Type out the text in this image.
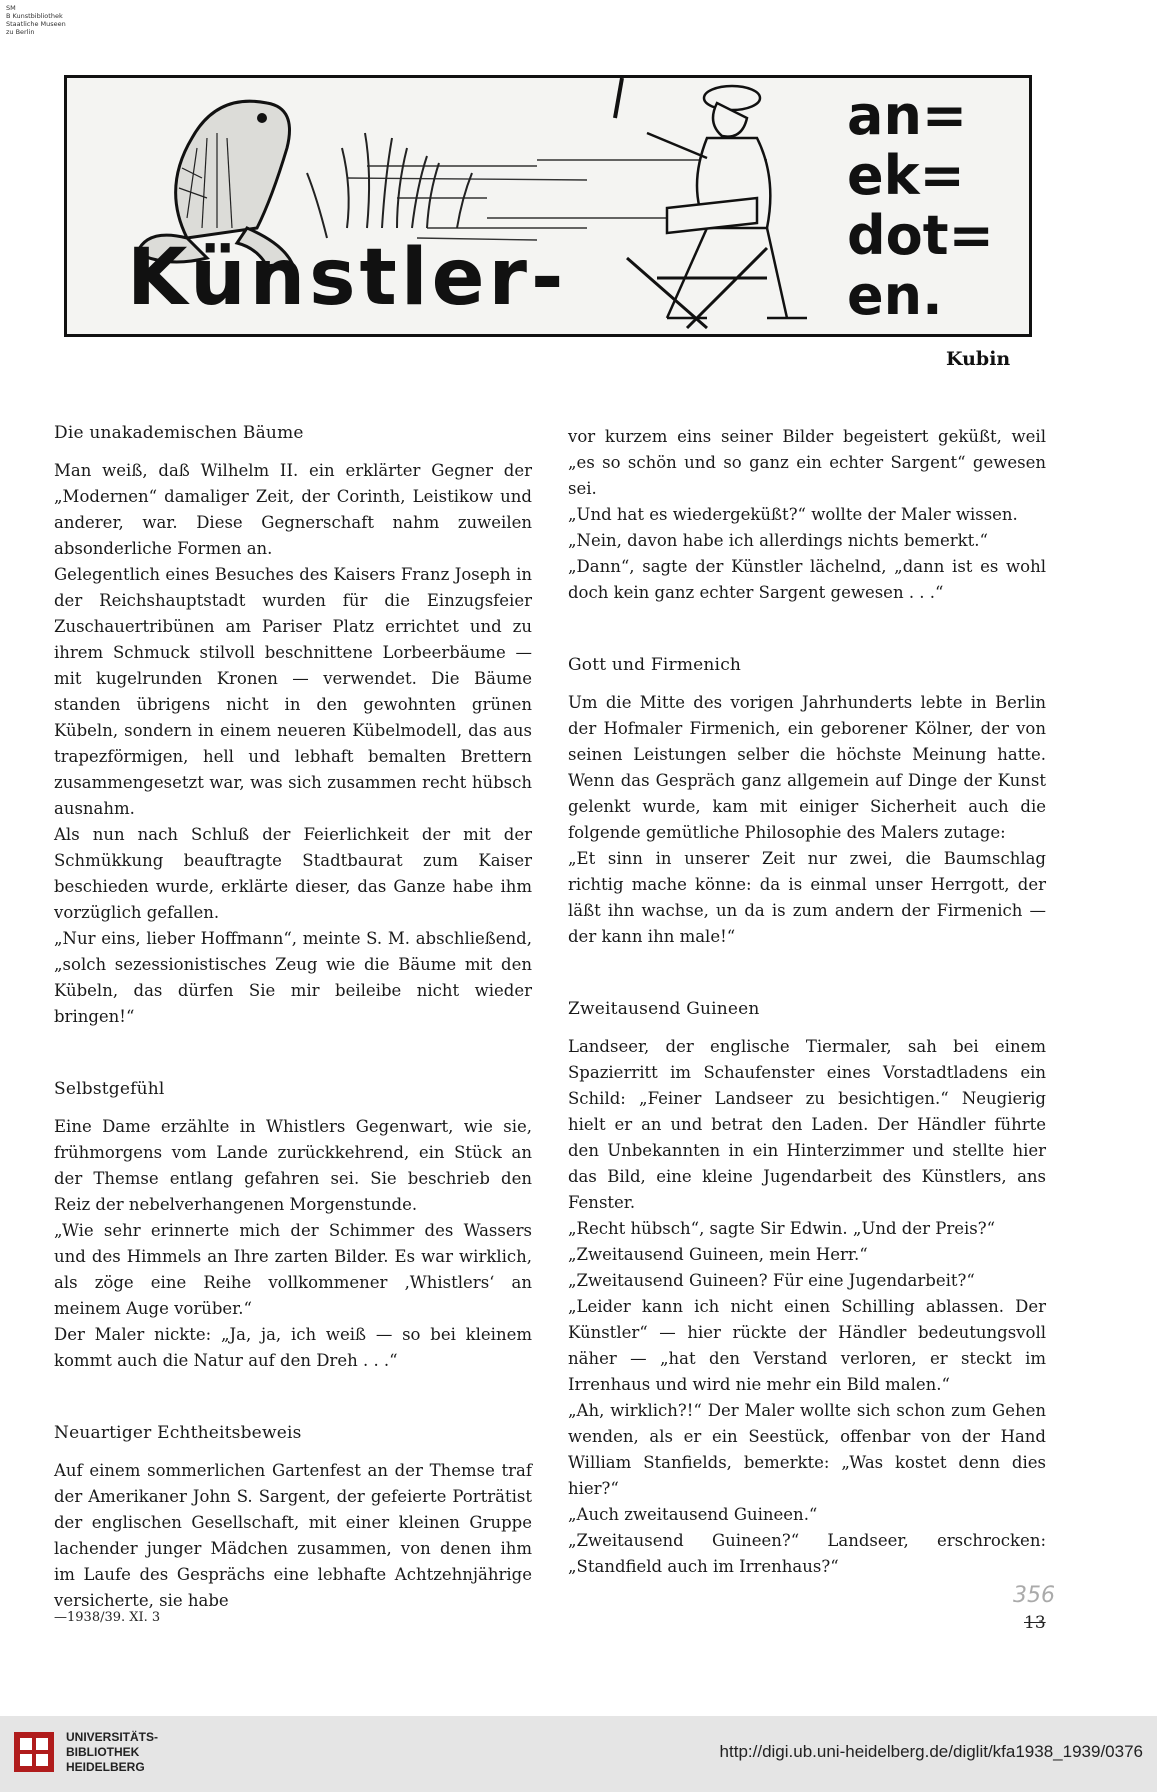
SM
B Kunstbibliothek
Staatliche Museen
zu Berlin
Künstler-
an=
ek=
dot=
en.
Kubin
Die unakademischen Bäume

Man weiß, daß Wilhelm II. ein erklärter Gegner der „Modernen“ damaliger Zeit, der Corinth, Leistikow und anderer, war. Diese Gegnerschaft nahm zuweilen absonderliche Formen an.

Gelegentlich eines Besuches des Kaisers Franz Joseph in der Reichshauptstadt wurden für die Einzugsfeier Zuschauertribünen am Pariser Platz errichtet und zu ihrem Schmuck stilvoll beschnittene Lorbeerbäume — mit kugelrunden Kronen — verwendet. Die Bäume standen übrigens nicht in den gewohnten grünen Kübeln, sondern in einem neueren Kübelmodell, das aus trapezförmigen, hell und lebhaft bemalten Brettern zusammengesetzt war, was sich zusammen recht hübsch ausnahm.

Als nun nach Schluß der Feierlichkeit der mit der Schmükkung beauftragte Stadtbaurat zum Kaiser beschieden wurde, erklärte dieser, das Ganze habe ihm vorzüglich gefallen.

„Nur eins, lieber Hoffmann“, meinte S. M. abschließend, „solch sezessionistisches Zeug wie die Bäume mit den Kübeln, das dürfen Sie mir beileibe nicht wieder bringen!“

Selbstgefühl

Eine Dame erzählte in Whistlers Gegenwart, wie sie, frühmorgens vom Lande zurückkehrend, ein Stück an der Themse entlang gefahren sei. Sie beschrieb den Reiz der nebelverhangenen Morgenstunde.

„Wie sehr erinnerte mich der Schimmer des Wassers und des Himmels an Ihre zarten Bilder. Es war wirklich, als zöge eine Reihe vollkommener ‚Whistlers‘ an meinem Auge vorüber.“

Der Maler nickte: „Ja, ja, ich weiß — so bei kleinem kommt auch die Natur auf den Dreh . . .“

Neuartiger Echtheitsbeweis

Auf einem sommerlichen Gartenfest an der Themse traf der Amerikaner John S. Sargent, der gefeierte Porträtist der englischen Gesellschaft, mit einer kleinen Gruppe lachender junger Mädchen zusammen, von denen ihm im Laufe des Gesprächs eine lebhafte Achtzehnjährige versicherte, sie habe

vor kurzem eins seiner Bilder begeistert geküßt, weil „es so schön und so ganz ein echter Sargent“ gewesen sei.

„Und hat es wiedergeküßt?“ wollte der Maler wissen.

„Nein, davon habe ich allerdings nichts bemerkt.“

„Dann“, sagte der Künstler lächelnd, „dann ist es wohl doch kein ganz echter Sargent gewesen . . .“

Gott und Firmenich

Um die Mitte des vorigen Jahrhunderts lebte in Berlin der Hofmaler Firmenich, ein geborener Kölner, der von seinen Leistungen selber die höchste Meinung hatte. Wenn das Gespräch ganz allgemein auf Dinge der Kunst gelenkt wurde, kam mit einiger Sicherheit auch die folgende gemütliche Philosophie des Malers zutage:

„Et sinn in unserer Zeit nur zwei, die Baumschlag richtig mache könne: da is einmal unser Herrgott, der läßt ihn wachse, un da is zum andern der Firmenich — der kann ihn male!“

Zweitausend Guineen

Landseer, der englische Tiermaler, sah bei einem Spazierritt im Schaufenster eines Vorstadtladens ein Schild: „Feiner Landseer zu besichtigen.“ Neugierig hielt er an und betrat den Laden. Der Händler führte den Unbekannten in ein Hinterzimmer und stellte hier das Bild, eine kleine Jugendarbeit des Künstlers, ans Fenster.

„Recht hübsch“, sagte Sir Edwin. „Und der Preis?“

„Zweitausend Guineen, mein Herr.“

„Zweitausend Guineen? Für eine Jugendarbeit?“

„Leider kann ich nicht einen Schilling ablassen. Der Künstler“ — hier rückte der Händler bedeutungsvoll näher — „hat den Verstand verloren, er steckt im Irrenhaus und wird nie mehr ein Bild malen.“

„Ah, wirklich?!“ Der Maler wollte sich schon zum Gehen wenden, als er ein Seestück, offenbar von der Hand William Stanfields, bemerkte: „Was kostet denn dies hier?“

„Auch zweitausend Guineen.“

„Zweitausend Guineen?“ Landseer, erschrocken: „Standfield auch im Irrenhaus?“

—1938/39. XI. 3
356
13
UNIVERSITÄTS-
BIBLIOTHEK
HEIDELBERG
http://digi.ub.uni-heidelberg.de/diglit/kfa1938_1939/0376
